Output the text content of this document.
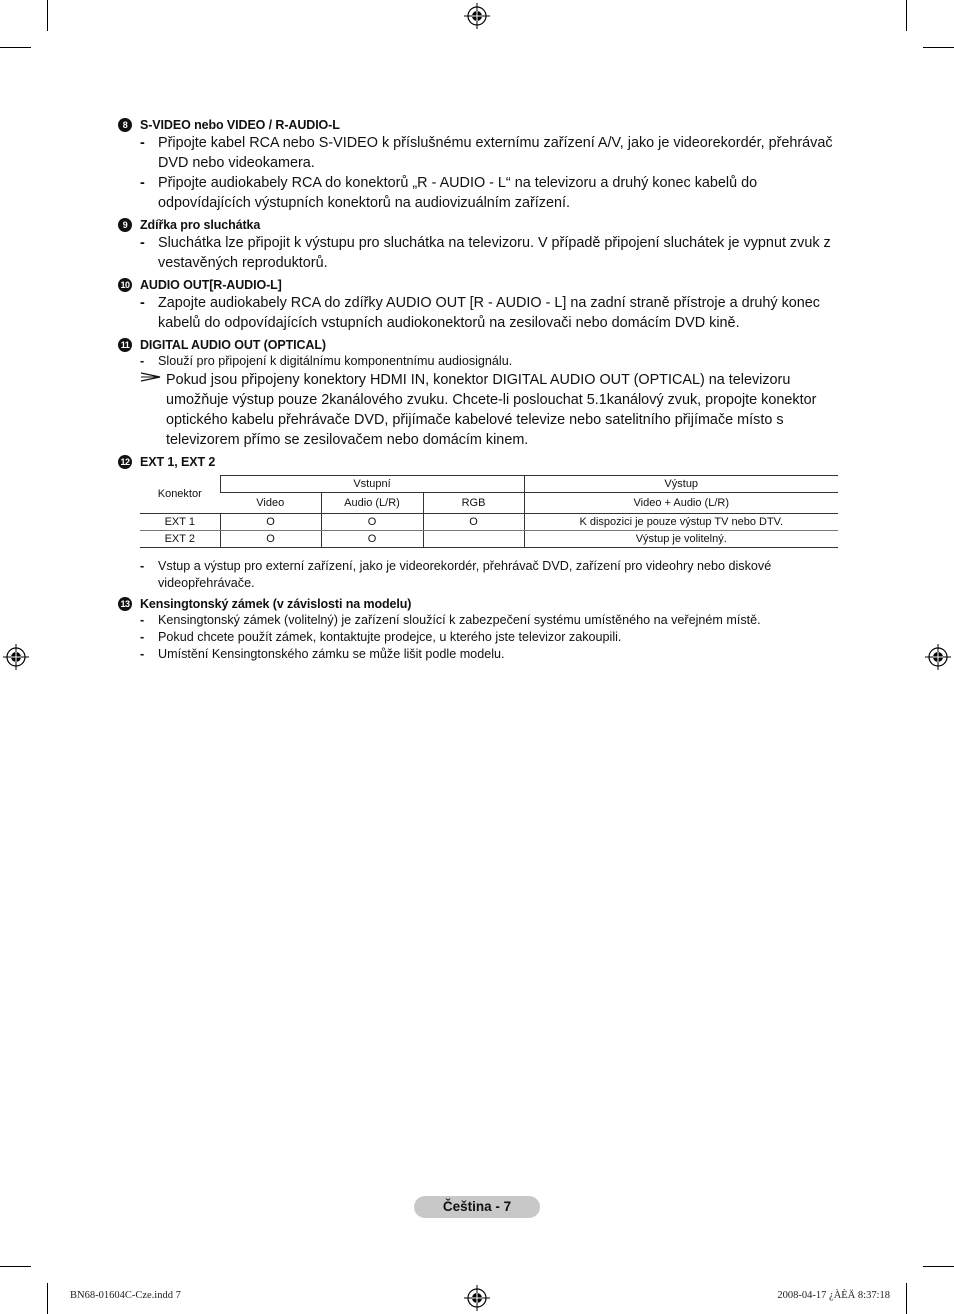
8	S-VIDEO nebo VIDEO / R-AUDIO-L
- Připojte kabel RCA nebo S-VIDEO k příslušnému externímu zařízení A/V, jako je videorekordér, přehrávač DVD nebo videokamera.
- Připojte audiokabely RCA do konektorů „R - AUDIO - L“ na televizoru a druhý konec kabelů do odpovídajících výstupních konektorů na audiovizuálním zařízení.
9	Zdířka pro sluchátka
- Sluchátka lze připojit k výstupu pro sluchátka na televizoru. V případě připojení sluchátek je vypnut zvuk z vestavěných reproduktorů.
10 AUDIO OUT[R-AUDIO-L]
- Zapojte audiokabely RCA do zdířky AUDIO OUT [R - AUDIO - L] na zadní straně přístroje a druhý konec kabelů do odpovídajících vstupních audiokonektorů na zesilovači nebo domácím DVD kině.
11 DIGITAL AUDIO OUT (OPTICAL)
-	Slouží pro připojení k digitálnímu komponentnímu audiosignálu.
Pokud jsou připojeny konektory HDMI IN, konektor DIGITAL AUDIO OUT (OPTICAL) na televizoru umožňuje výstup pouze 2kanálového zvuku. Chcete-li poslouchat 5.1kanálový zvuk, propojte konektor optického kabelu přehrávače DVD, přijímače kabelové televize nebo satelitního přijímače místo s televizorem přímo se zesilovačem nebo domácím kinem.
12 EXT 1, EXT 2
Konektor	Vstupní			Výstup
	Video	Audio (L/R)	RGB	Video + Audio (L/R)
EXT 1	O	O	O	K dispozici je pouze výstup TV nebo DTV.
EXT 2	O	O		Výstup je volitelný.
-	Vstup a výstup pro externí zařízení, jako je videorekordér, přehrávač DVD, zařízení pro videohry nebo diskové videopřehrávače.
13 Kensingtonský zámek (v závislosti na modelu)
-	Kensingtonský zámek (volitelný) je zařízení sloužící k zabezpečení systému umístěného na veřejném místě.
-	Pokud chcete použít zámek, kontaktujte prodejce, u kterého jste televizor zakoupili.
-	Umístění Kensingtonského zámku se může lišit podle modelu.
Čeština - 7
BN68-01604C-Cze.indd 7	2008-04-17 ¿ÀÈÄ 8:37:18
